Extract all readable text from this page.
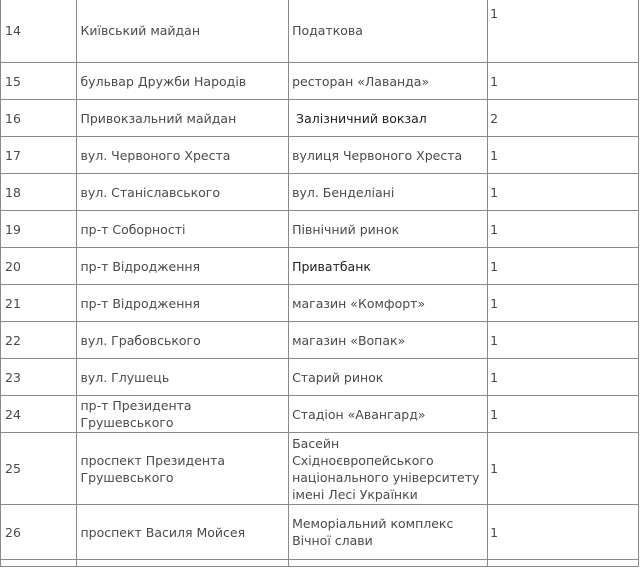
14	Київський майдан	Податкова	1
15	бульвар Дружби Народів	ресторан «Лаванда»	1
16	Привокзальний майдан	Залізничний вокзал	2
17	вул. Червоного Хреста	вулиця Червоного Хреста	1
18	вул. Станіславського	вул. Бенделіані	1
19	пр-т Соборності	Північний ринок	1
20	пр-т Відродження	Приватбанк	1
21	пр-т Відродження	магазин «Комфорт»	1
22	вул. Грабовського	магазин «Вопак»	1
23	вул. Глушець	Старий ринок	1
24	пр-т Президента Грушевського	Стадіон «Авангард»	1
25	проспект Президента Грушевського	Басейн Східноєвропейського національного університету імені Лесі Українки	1
26	проспект Василя Мойсея	Меморіальний комплекс Вічної слави	1
